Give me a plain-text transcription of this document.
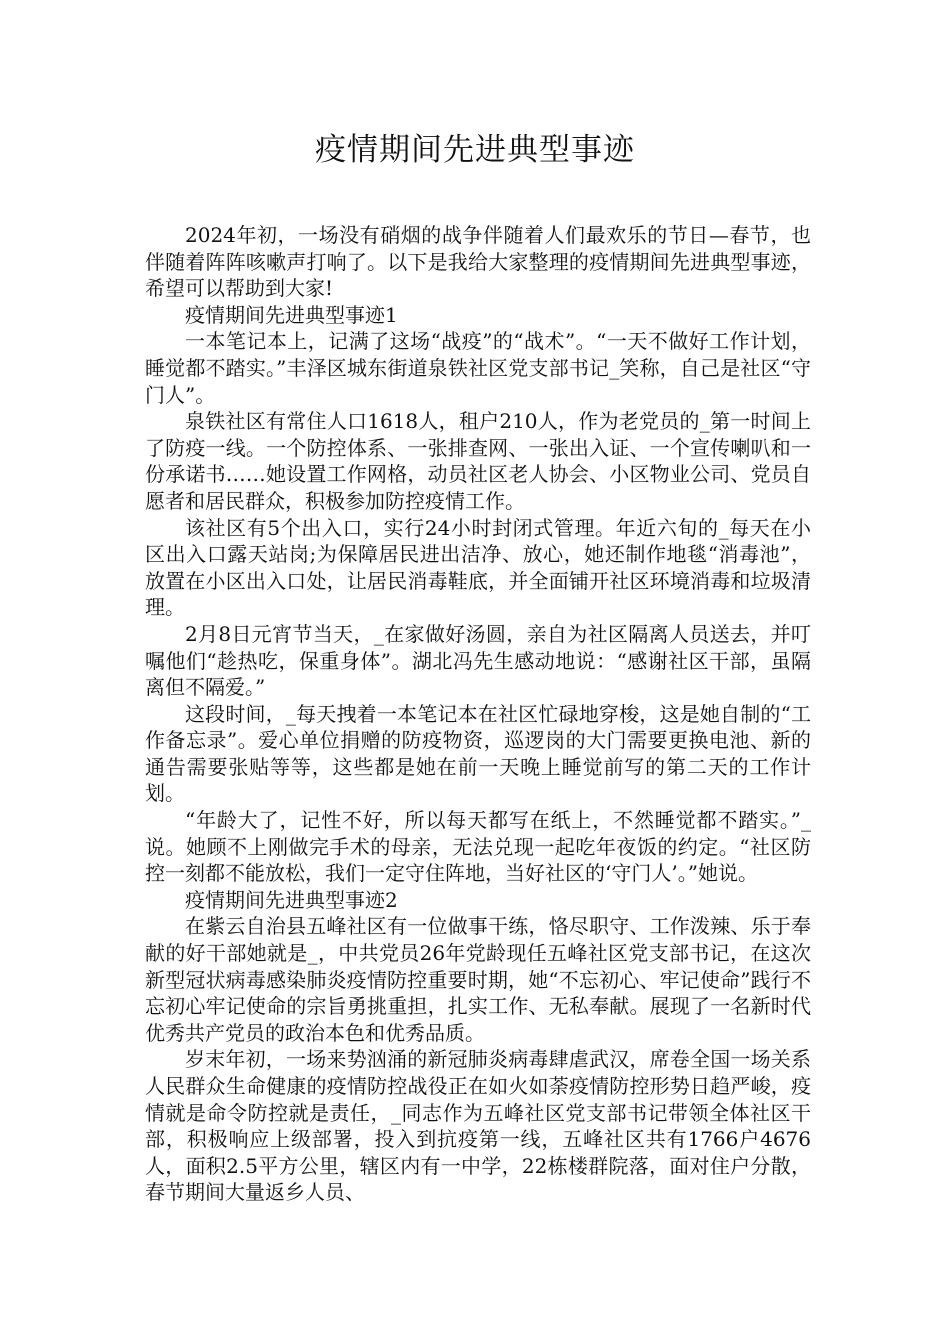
疫情期间先进典型事迹

2024年初，一场没有硝烟的战争伴随着人们最欢乐的节日—春节，也伴随着阵阵咳嗽声打响了。以下是我给大家整理的疫情期间先进典型事迹，希望可以帮助到大家!

疫情期间先进典型事迹1

一本笔记本上，记满了这场“战疫”的“战术”。“一天不做好工作计划，睡觉都不踏实。”丰泽区城东街道泉铁社区党支部书记_笑称，自己是社区“守门人”。

泉铁社区有常住人口1618人，租户210人，作为老党员的_第一时间上了防疫一线。一个防控体系、一张排查网、一张出入证、一个宣传喇叭和一份承诺书……她设置工作网格，动员社区老人协会、小区物业公司、党员自愿者和居民群众，积极参加防控疫情工作。

该社区有5个出入口，实行24小时封闭式管理。年近六旬的_每天在小区出入口露天站岗;为保障居民进出洁净、放心，她还制作地毯“消毒池”，放置在小区出入口处，让居民消毒鞋底，并全面铺开社区环境消毒和垃圾清理。

2月8日元宵节当天，_在家做好汤圆，亲自为社区隔离人员送去，并叮嘱他们“趁热吃，保重身体”。湖北冯先生感动地说：“感谢社区干部，虽隔离但不隔爱。”

这段时间，_每天拽着一本笔记本在社区忙碌地穿梭，这是她自制的“工作备忘录”。爱心单位捐赠的防疫物资，巡逻岗的大门需要更换电池、新的通告需要张贴等等，这些都是她在前一天晚上睡觉前写的第二天的工作计划。

“年龄大了，记性不好，所以每天都写在纸上，不然睡觉都不踏实。”_说。她顾不上刚做完手术的母亲，无法兑现一起吃年夜饭的约定。“社区防控一刻都不能放松，我们一定守住阵地，当好社区的‘守门人’。”她说。

疫情期间先进典型事迹2

在紫云自治县五峰社区有一位做事干练，恪尽职守、工作泼辣、乐于奉献的好干部她就是_，中共党员26年党龄现任五峰社区党支部书记，在这次新型冠状病毒感染肺炎疫情防控重要时期，她“不忘初心、牢记使命”践行不忘初心牢记使命的宗旨勇挑重担，扎实工作、无私奉献。展现了一名新时代优秀共产党员的政治本色和优秀品质。

岁末年初，一场来势汹涌的新冠肺炎病毒肆虐武汉，席卷全国一场关系人民群众生命健康的疫情防控战役正在如火如荼疫情防控形势日趋严峻，疫情就是命令防控就是责任，_同志作为五峰社区党支部书记带领全体社区干部，积极响应上级部署，投入到抗疫第一线，五峰社区共有1766户4676人，面积2.5平方公里，辖区内有一中学，22栋楼群院落，面对住户分散，春节期间大量返乡人员、
